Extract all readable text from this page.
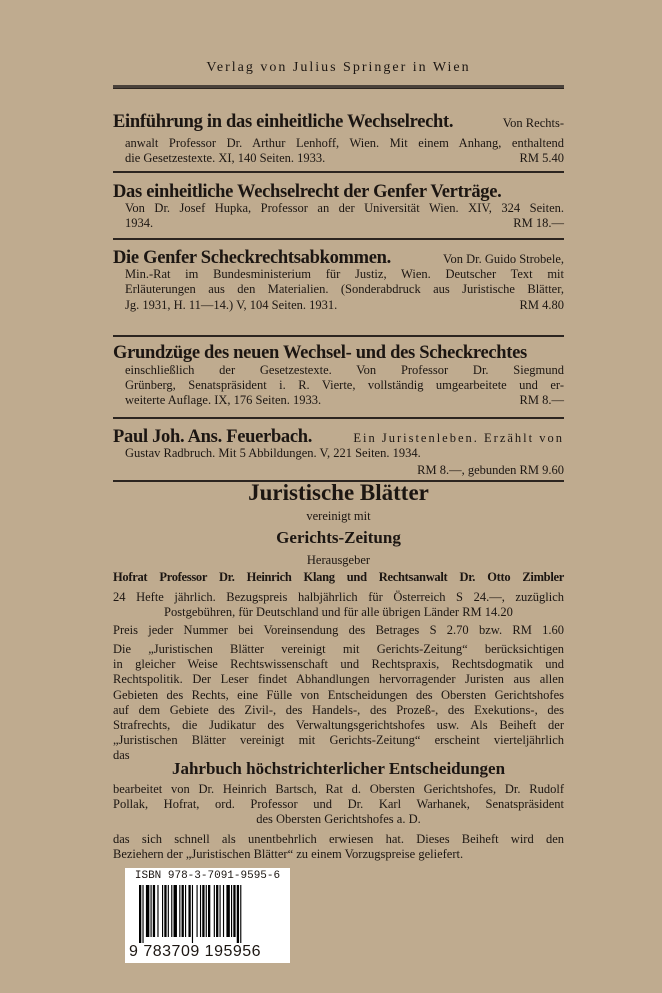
Verlag von Julius Springer in Wien
ISBN 978-3-7091-9595-6
9 783709 195956
Einführung in das einheitliche Wechselrecht.	Von Rechts-
anwalt Professor Dr. Arthur Lenhoff, Wien. Mit einem Anhang, enthaltend
die Gesetzestexte. XI, 140 Seiten. 1933.	RM 5.40
Das einheitliche Wechselrecht der Genfer Verträge.
Von Dr. Josef Hupka, Professor an der Universität Wien. XIV, 324 Seiten.
1934.	RM 18.—
Die Genfer Scheckrechtsabkommen.	Von Dr. Guido Strobele,
Min.-Rat im Bundesministerium für Justiz, Wien. Deutscher Text mit
Erläuterungen aus den Materialien. (Sonderabdruck aus Juristische Blätter,
Jg. 1931, H. 11—14.) V, 104 Seiten. 1931.	RM 4.80
Grundzüge des neuen Wechsel- und des Scheckrechtes
einschließlich der Gesetzestexte. Von Professor Dr. Siegmund
Grünberg, Senatspräsident i. R. Vierte, vollständig umgearbeitete und er-
weiterte Auflage. IX, 176 Seiten. 1933.	RM 8.—
Paul Joh. Ans. Feuerbach.	Ein Juristenleben. Erzählt von
Gustav Radbruch. Mit 5 Abbildungen. V, 221 Seiten. 1934.
RM 8.—, gebunden RM 9.60
Juristische Blätter
vereinigt mit
Gerichts-Zeitung
Herausgeber
Hofrat Professor Dr. Heinrich Klang und Rechtsanwalt Dr. Otto Zimbler
24 Hefte jährlich. Bezugspreis halbjährlich für Österreich S 24.—, zuzüglich
Postgebühren, für Deutschland und für alle übrigen Länder RM 14.20
Preis jeder Nummer bei Voreinsendung des Betrages S 2.70 bzw. RM 1.60
Die „Juristischen Blätter vereinigt mit Gerichts-Zeitung“ berücksichtigen
in gleicher Weise Rechtswissenschaft und Rechtspraxis, Rechtsdogmatik und
Rechtspolitik. Der Leser findet Abhandlungen hervorragender Juristen aus allen
Gebieten des Rechts, eine Fülle von Entscheidungen des Obersten Gerichtshofes
auf dem Gebiete des Zivil-, des Handels-, des Prozeß-, des Exekutions-, des
Strafrechts, die Judikatur des Verwaltungsgerichtshofes usw. Als Beiheft der
„Juristischen Blätter vereinigt mit Gerichts-Zeitung“ erscheint vierteljährlich
das
Jahrbuch höchstrichterlicher Entscheidungen
bearbeitet von Dr. Heinrich Bartsch, Rat d. Obersten Gerichtshofes, Dr. Rudolf
Pollak, Hofrat, ord. Professor und Dr. Karl Warhanek, Senatspräsident
des Obersten Gerichtshofes a. D.
das sich schnell als unentbehrlich erwiesen hat. Dieses Beiheft wird den
Beziehern der „Juristischen Blätter“ zu einem Vorzugspreise geliefert.
